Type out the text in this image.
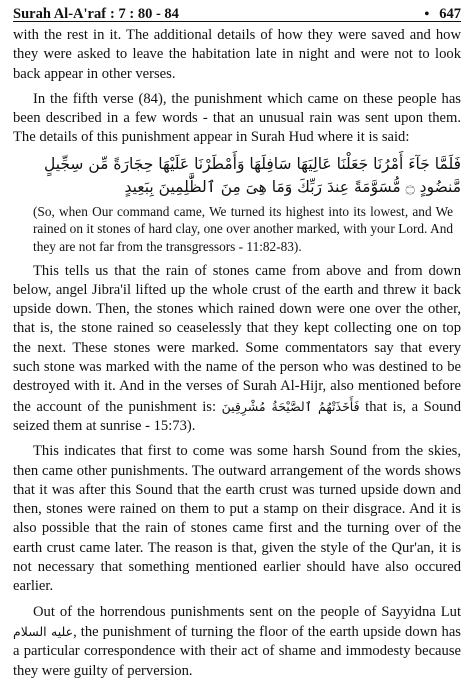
Surah Al-A'raf : 7 : 80 - 84	• 647

with the rest in it. The additional details of how they were saved and how they were asked to leave the habitation late in night and were not to look back appear in other verses.

In the fifth verse (84), the punishment which came on these people has been described in a few words - that an unusual rain was sent upon them. The details of this punishment appear in Surah Hud where it is said:

فَلَمَّا جَآءَ أَمْرُنَا جَعَلْنَا عَالِيَهَا سَافِلَهَا وَأَمْطَرْنَا عَلَيْهَا حِجَارَةً مِّن سِجِّيلٍ مَّنضُودٍ ۝ مُّسَوَّمَةً عِندَ رَبِّكَ وَمَا هِىَ مِنَ ٱلظَّٰلِمِينَ بِبَعِيدٍ

(So, when Our command came, We turned its highest into its lowest, and We rained on it stones of hard clay, one over another marked, with your Lord. And they are not far from the transgressors - 11:82-83).

This tells us that the rain of stones came from above and from down below, angel Jibra'il lifted up the whole crust of the earth and threw it back upside down. Then, the stones which rained down were one over the other, that is, the stone rained so ceaselessly that they kept collecting one on top the next. These stones were marked. Some commentators say that every such stone was marked with the name of the person who was destined to be destroyed with it. And in the verses of Surah Al-Hijr, also mentioned before the account of the punishment is: فَأَخَذَتْهُمُ ٱلصَّيْحَةُ مُشْرِقِينَ that is, a Sound seized them at sunrise - 15:73).

This indicates that first to come was some harsh Sound from the skies, then came other punishments. The outward arrangement of the words shows that it was after this Sound that the earth crust was turned upside down and then, stones were rained on them to put a stamp on their disgrace. And it is also possible that the rain of stones came first and the turning over of the earth crust came later. The reason is that, given the style of the Qur'an, it is not necessary that something mentioned earlier should have also occured earlier.

Out of the horrendous punishments sent on the people of Sayyidna Lut عليه السلام, the punishment of turning the floor of the earth upside down has a particular correspondence with their act of shame and immodesty because they were guilty of perversion.
